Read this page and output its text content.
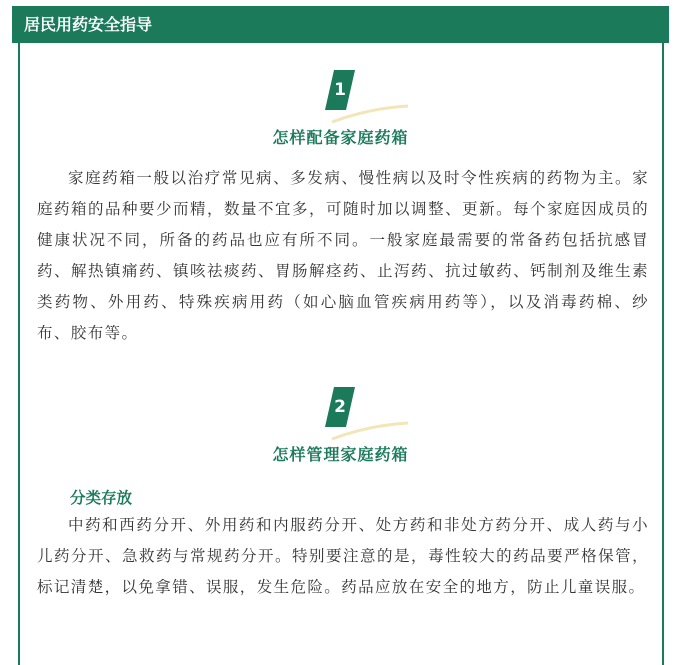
居民用药安全指导
1
怎样配备家庭药箱

家庭药箱一般以治疗常见病、多发病、慢性病以及时令性疾病的药物为主。家庭药箱的品种要少而精，数量不宜多，可随时加以调整、更新。每个家庭因成员的健康状况不同，所备的药品也应有所不同。一般家庭最需要的常备药包括抗感冒药、解热镇痛药、镇咳祛痰药、胃肠解痉药、止泻药、抗过敏药、钙制剂及维生素类药物、外用药、特殊疾病用药（如心脑血管疾病用药等），以及消毒药棉、纱布、胶布等。

2
怎样管理家庭药箱
分类存放

中药和西药分开、外用药和内服药分开、处方药和非处方药分开、成人药与小儿药分开、急救药与常规药分开。特别要注意的是，毒性较大的药品要严格保管，标记清楚，以免拿错、误服，发生危险。药品应放在安全的地方，防止儿童误服。
